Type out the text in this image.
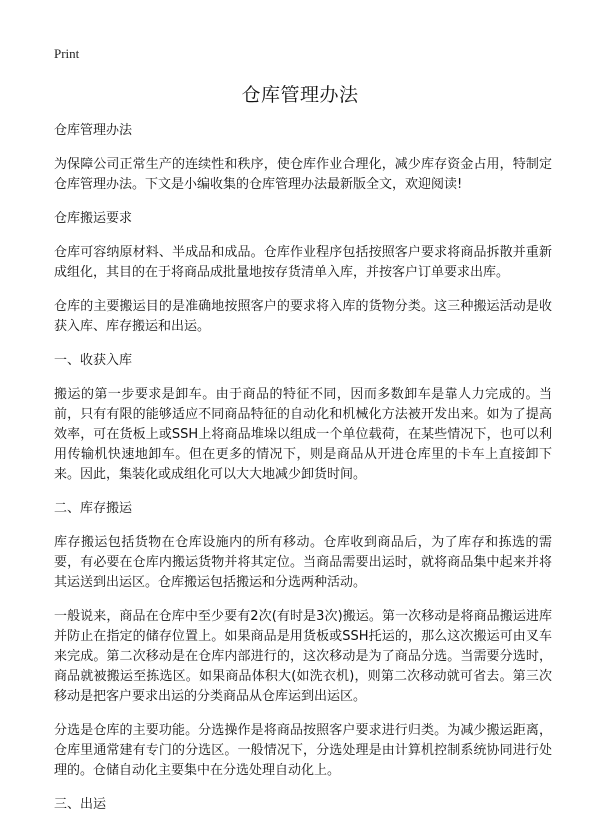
Print
仓库管理办法

仓库管理办法

为保障公司正常生产的连续性和秩序，使仓库作业合理化，减少库存资金占用，特制定仓库管理办法。下文是小编收集的仓库管理办法最新版全文，欢迎阅读!

仓库搬运要求

仓库可容纳原材料、半成品和成品。仓库作业程序包括按照客户要求将商品拆散并重新成组化，其目的在于将商品成批量地按存货清单入库，并按客户订单要求出库。

仓库的主要搬运目的是准确地按照客户的要求将入库的货物分类。这三种搬运活动是收获入库、库存搬运和出运。

一、收获入库

搬运的第一步要求是卸车。由于商品的特征不同，因而多数卸车是靠人力完成的。当前，只有有限的能够适应不同商品特征的自动化和机械化方法被开发出来。如为了提高效率，可在货板上或SSH上将商品堆垛以组成一个单位载荷，在某些情况下，也可以利用传输机快速地卸车。但在更多的情况下，则是商品从开进仓库里的卡车上直接卸下来。因此，集装化或成组化可以大大地减少卸货时间。

二、库存搬运

库存搬运包括货物在仓库设施内的所有移动。仓库收到商品后，为了库存和拣选的需要，有必要在仓库内搬运货物并将其定位。当商品需要出运时，就将商品集中起来并将其运送到出运区。仓库搬运包括搬运和分选两种活动。

一般说来，商品在仓库中至少要有2次(有时是3次)搬运。第一次移动是将商品搬运进库并防止在指定的储存位置上。如果商品是用货板或SSH托运的，那么这次搬运可由叉车来完成。第二次移动是在仓库内部进行的，这次移动是为了商品分选。当需要分选时，商品就被搬运至拣选区。如果商品体积大(如洗衣机)，则第二次移动就可省去。第三次移动是把客户要求出运的分类商品从仓库运到出运区。

分选是仓库的主要功能。分选操作是将商品按照客户要求进行归类。为减少搬运距离，仓库里通常建有专门的分选区。一般情况下，分选处理是由计算机控制系统协同进行处理的。仓储自动化主要集中在分选处理自动化上。

三、出运
